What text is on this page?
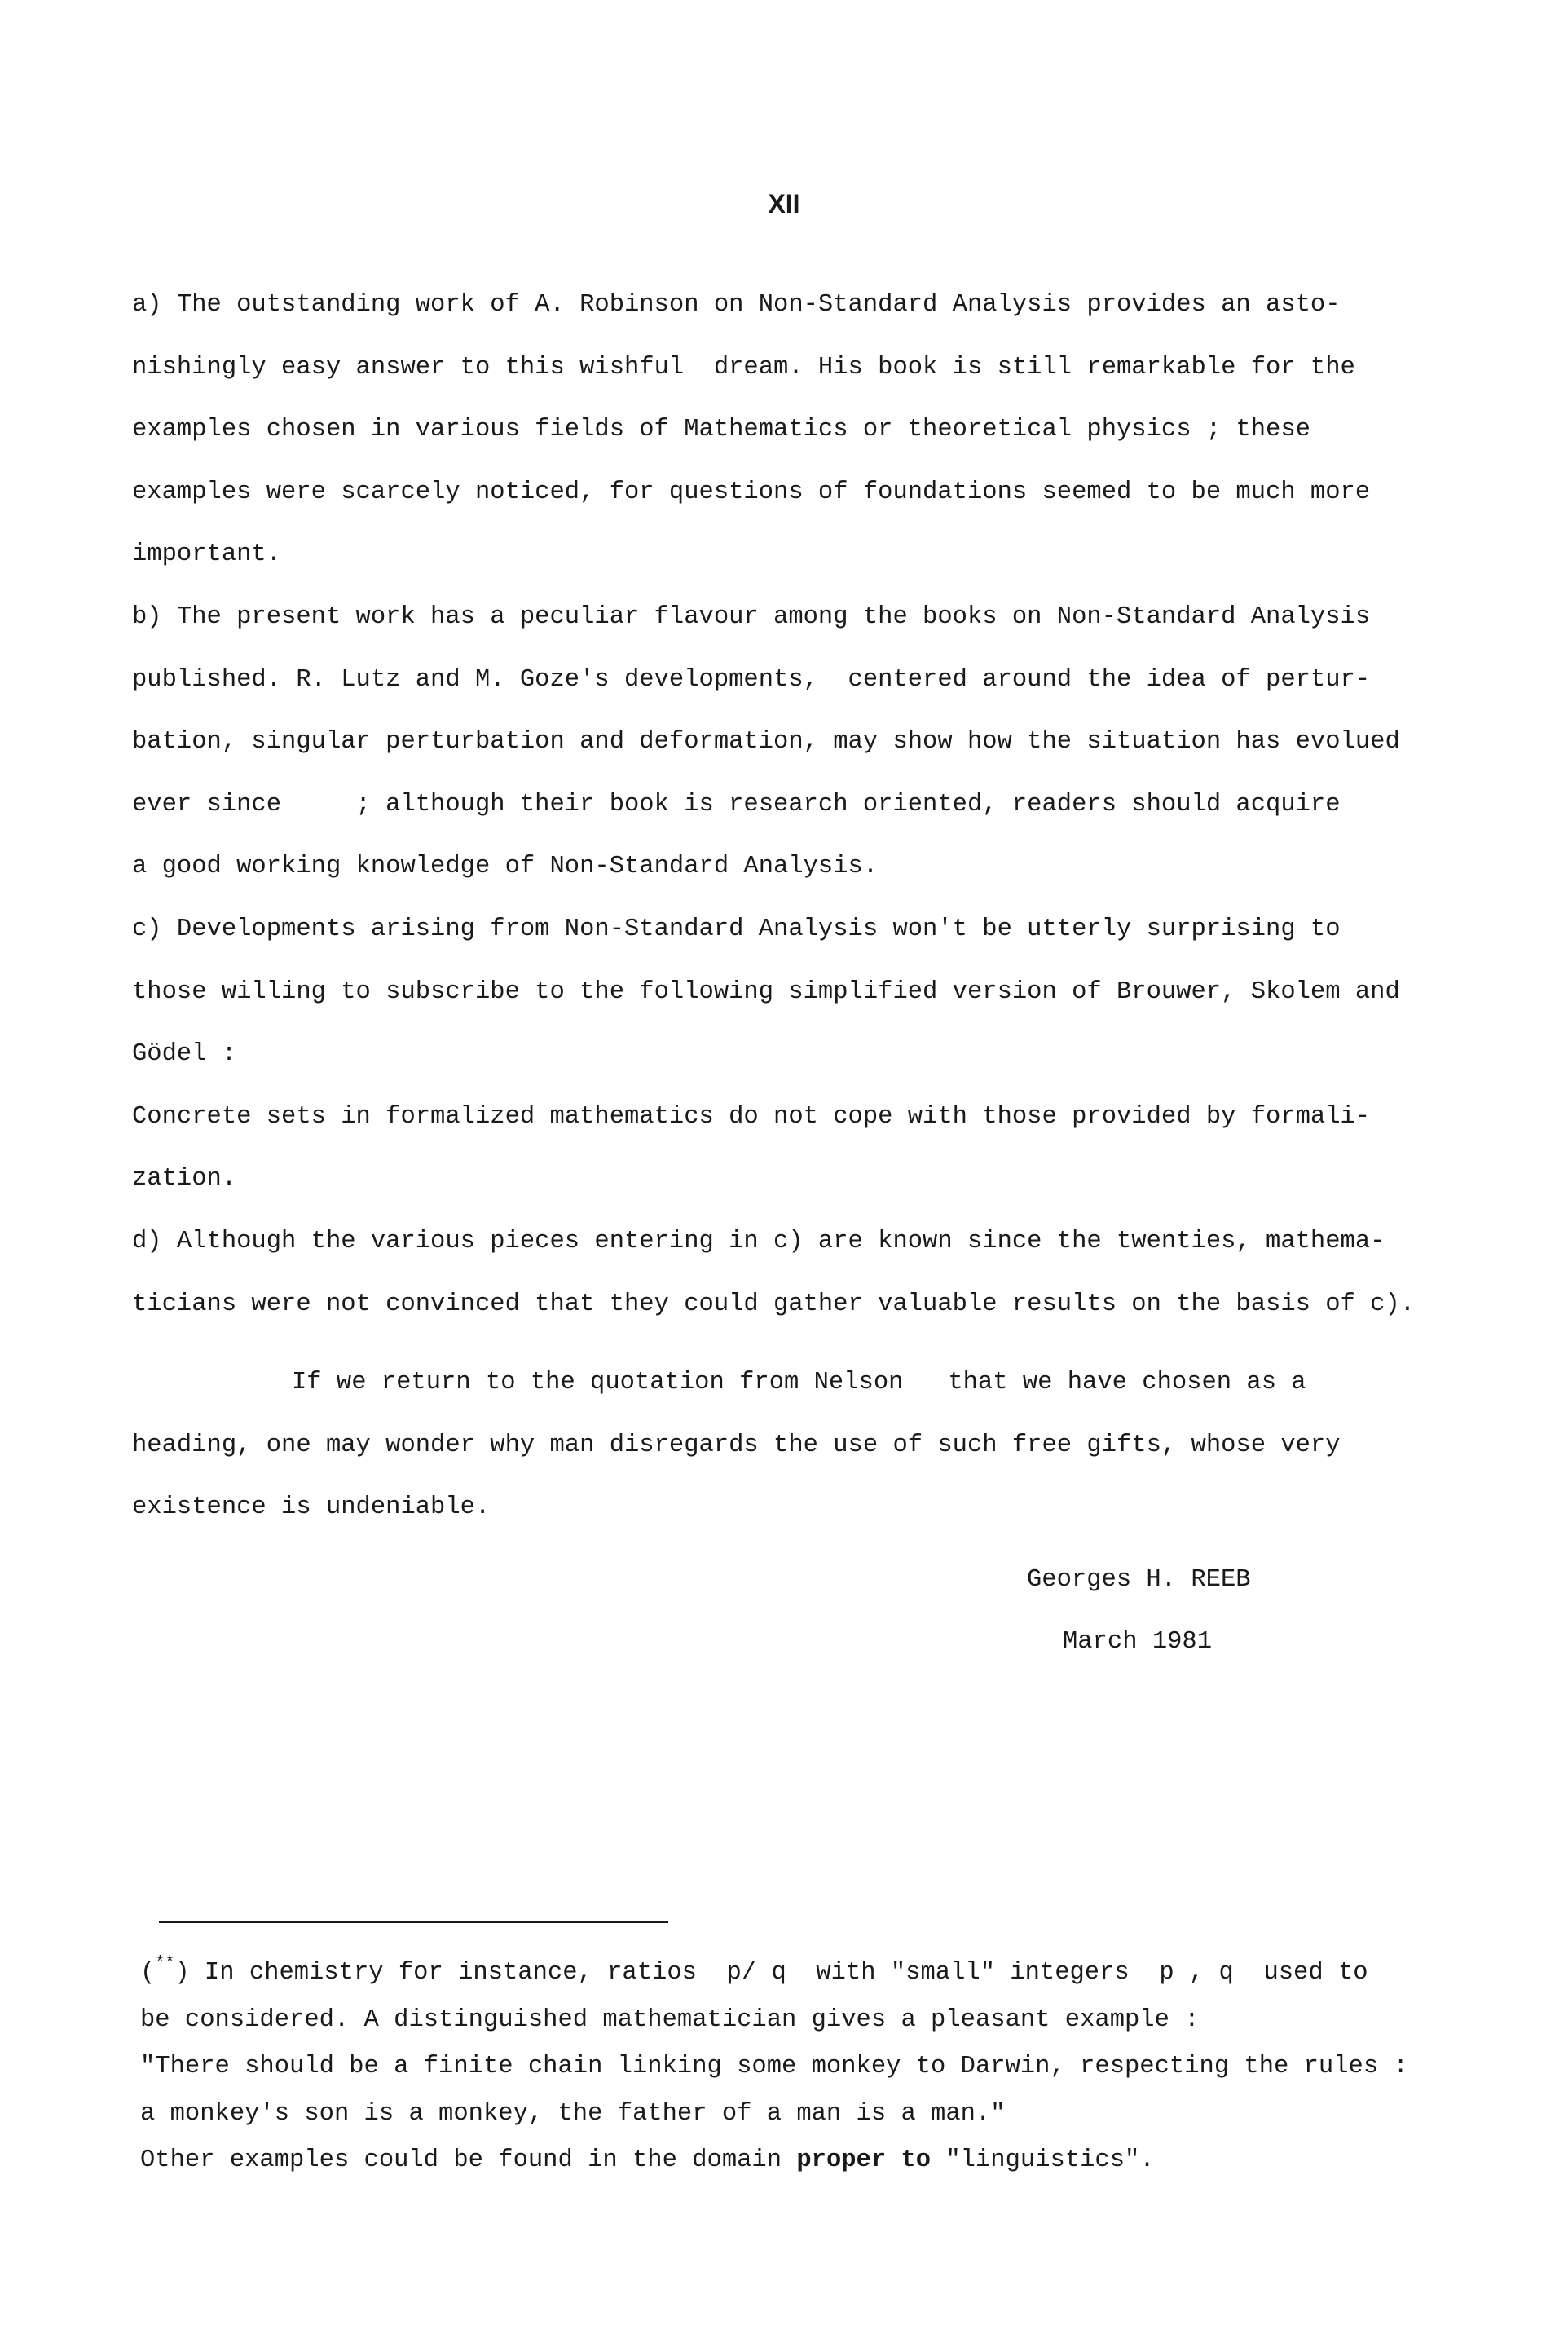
XII
a) The outstanding work of A. Robinson on Non-Standard Analysis provides an asto-
nishingly easy answer to this wishful  dream. His book is still remarkable for the
examples chosen in various fields of Mathematics or theoretical physics ; these
examples were scarcely noticed, for questions of foundations seemed to be much more
important.
b) The present work has a peculiar flavour among the books on Non-Standard Analysis
published. R. Lutz and M. Goze's developments,  centered around the idea of pertur-
bation, singular perturbation and deformation, may show how the situation has evolued
ever since     ; although their book is research oriented, readers should acquire
a good working knowledge of Non-Standard Analysis.
c) Developments arising from Non-Standard Analysis won't be utterly surprising to
those willing to subscribe to the following simplified version of Brouwer, Skolem and
Gödel :
Concrete sets in formalized mathematics do not cope with those provided by formali-
zation.
d) Although the various pieces entering in c) are known since the twenties, mathema-
ticians were not convinced that they could gather valuable results on the basis of c).
If we return to the quotation from Nelson   that we have chosen as a
heading, one may wonder why man disregards the use of such free gifts, whose very
existence is undeniable.
Georges H. REEB
March 1981
(**) In chemistry for instance, ratios  p/ q  with "small" integers  p , q  used to
be considered. A distinguished mathematician gives a pleasant example :
"There should be a finite chain linking some monkey to Darwin, respecting the rules :
a monkey's son is a monkey, the father of a man is a man."
Other examples could be found in the domain proper to "linguistics".
